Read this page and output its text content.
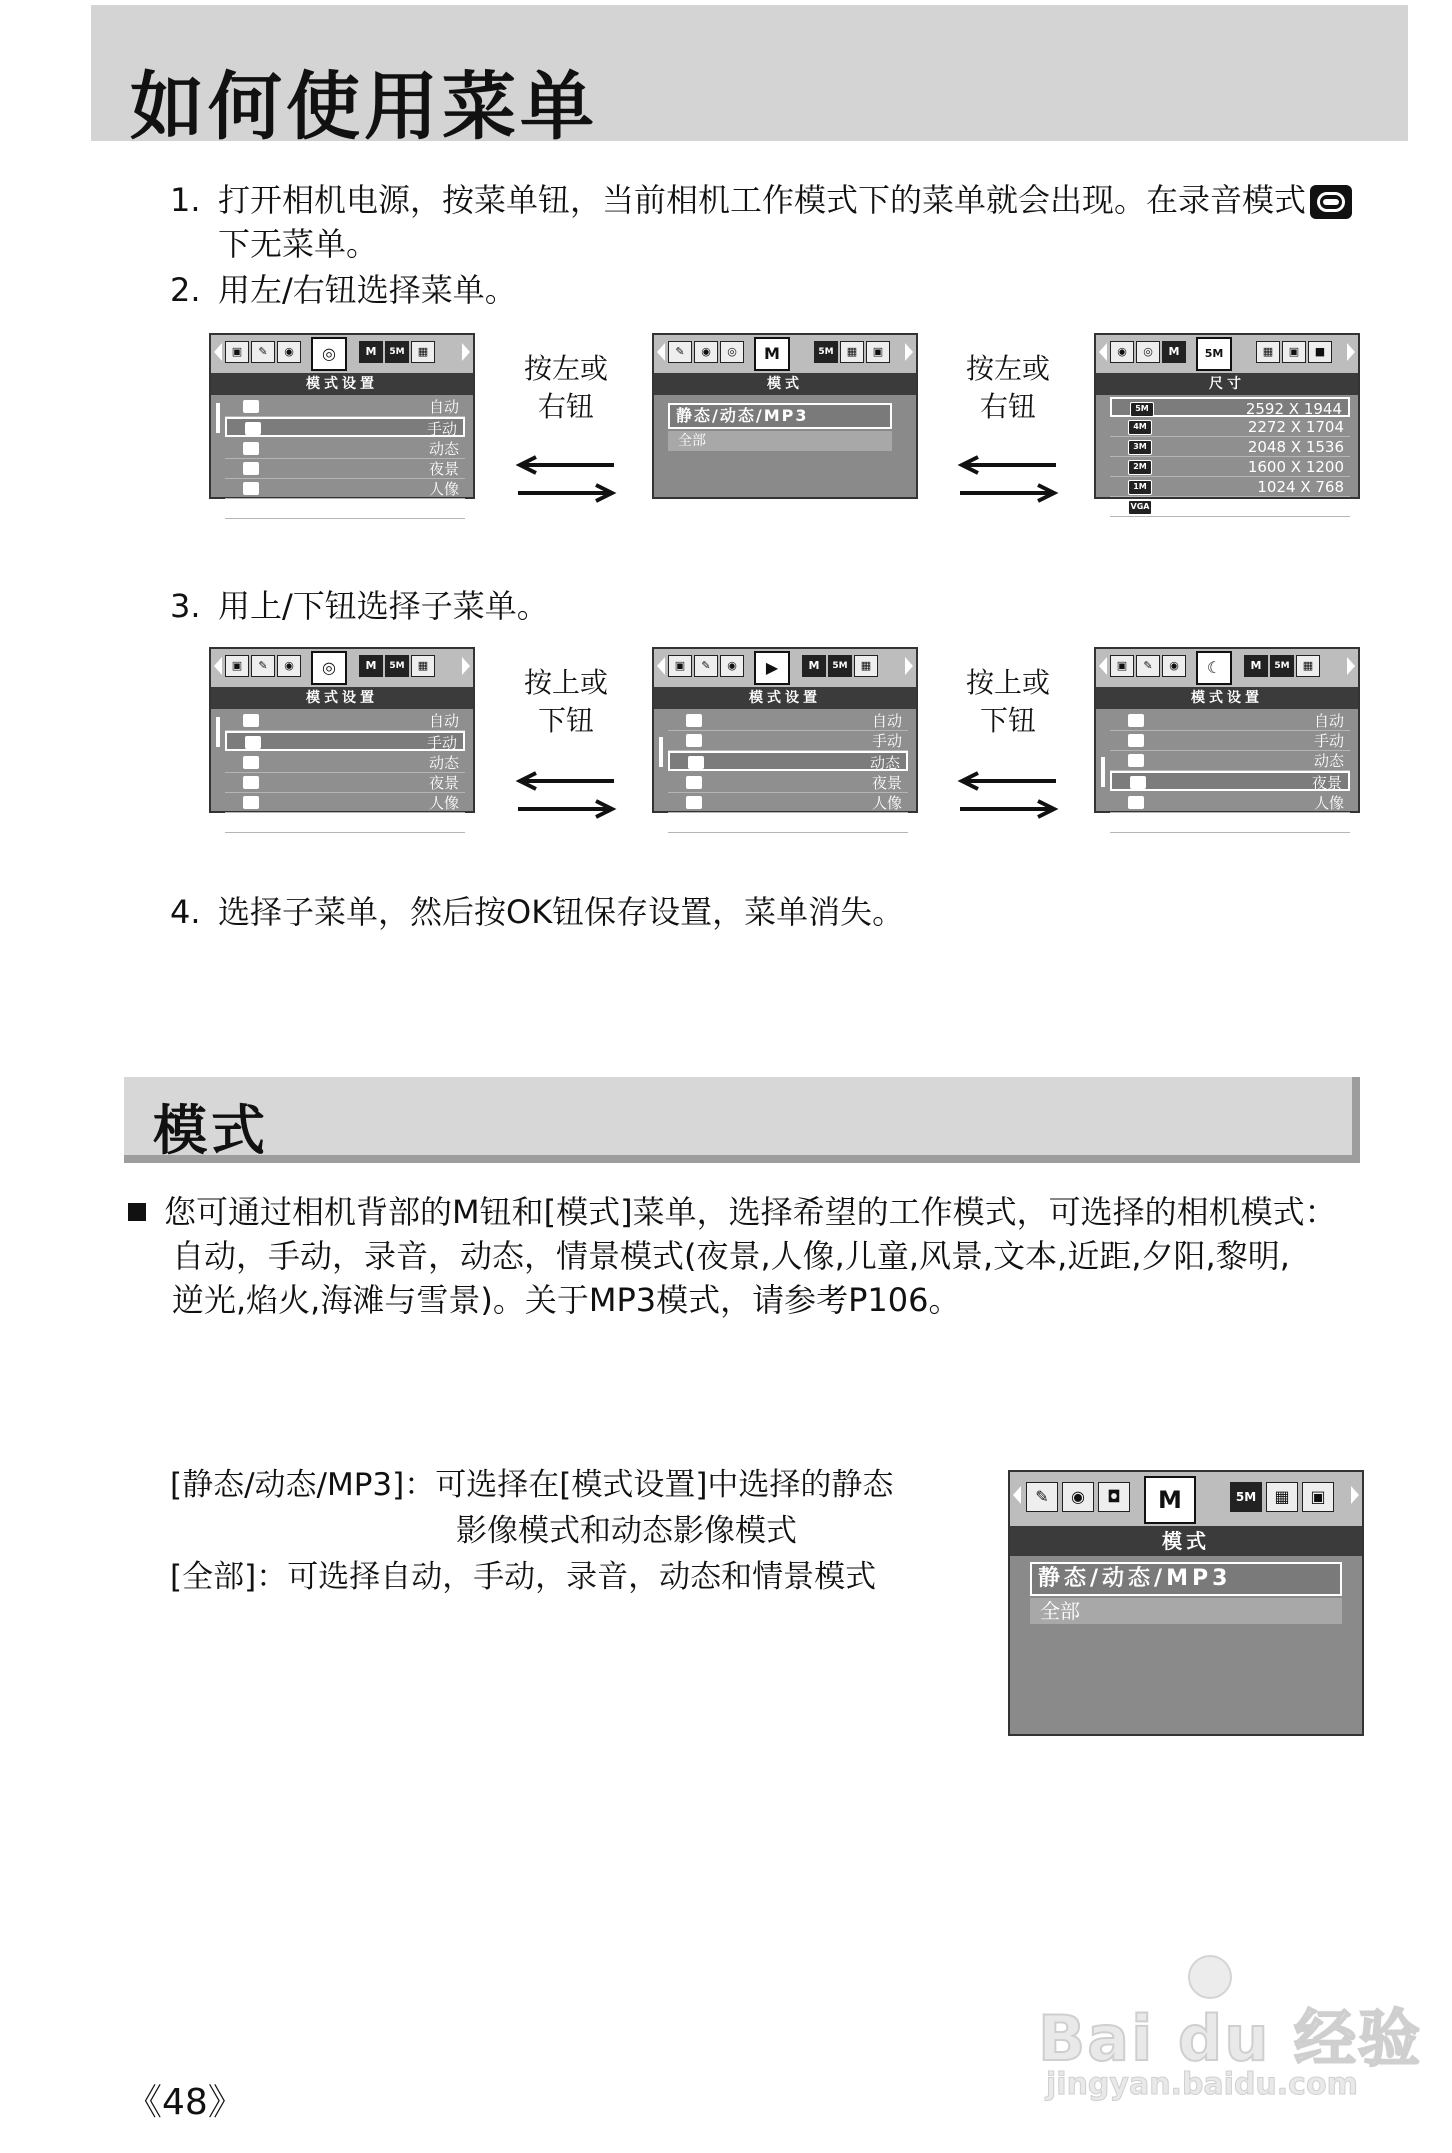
如何使用菜单
1. 打开相机电源，按菜单钮，当前相机工作模式下的菜单就会出现。在录音模式
下无菜单。
2. 用左/右钮选择菜单。
▣	✎	◉	◎	M	5M	▦
模式设置
自动
手动
动态
夜景
人像
儿童
按左或
右钮
✎	◉	◎	M	5M	▦	▣
模式
静态/动态/MP3
全部
按左或
右钮
◉	◎	M	5M	▦	▣	■
尺寸
5M	2592 X 1944
4M	2272 X 1704
3M	2048 X 1536
2M	1600 X 1200
1M	1024 X 768
VGA	640 X 480
3. 用上/下钮选择子菜单。
▣	✎	◉	◎	M	5M	▦
模式设置
自动
手动
动态
夜景
人像
儿童
按上或
下钮
▣	✎	◉	▶	M	5M	▦
模式设置
自动
手动
动态
夜景
人像
儿童
按上或
下钮
▣	✎	◉	☾	M	5M	▦
模式设置
自动
手动
动态
夜景
人像
儿童
4. 选择子菜单，然后按OK钮保存设置，菜单消失。
模式
您可通过相机背部的M钮和[模式]菜单，选择希望的工作模式，可选择的相机模式：
自动，手动，录音，动态，情景模式(夜景,人像,儿童,风景,文本,近距,夕阳,黎明,
逆光,焰火,海滩与雪景)。关于MP3模式，请参考P106。
[静态/动态/MP3]：可选择在[模式设置]中选择的静态
影像模式和动态影像模式
[全部]：可选择自动，手动，录音，动态和情景模式
✎	◉	◘	M	5M	▦	▣
模式
静态/动态/MP3
全部
《48》
Bai du 经验
jingyan.baidu.com
